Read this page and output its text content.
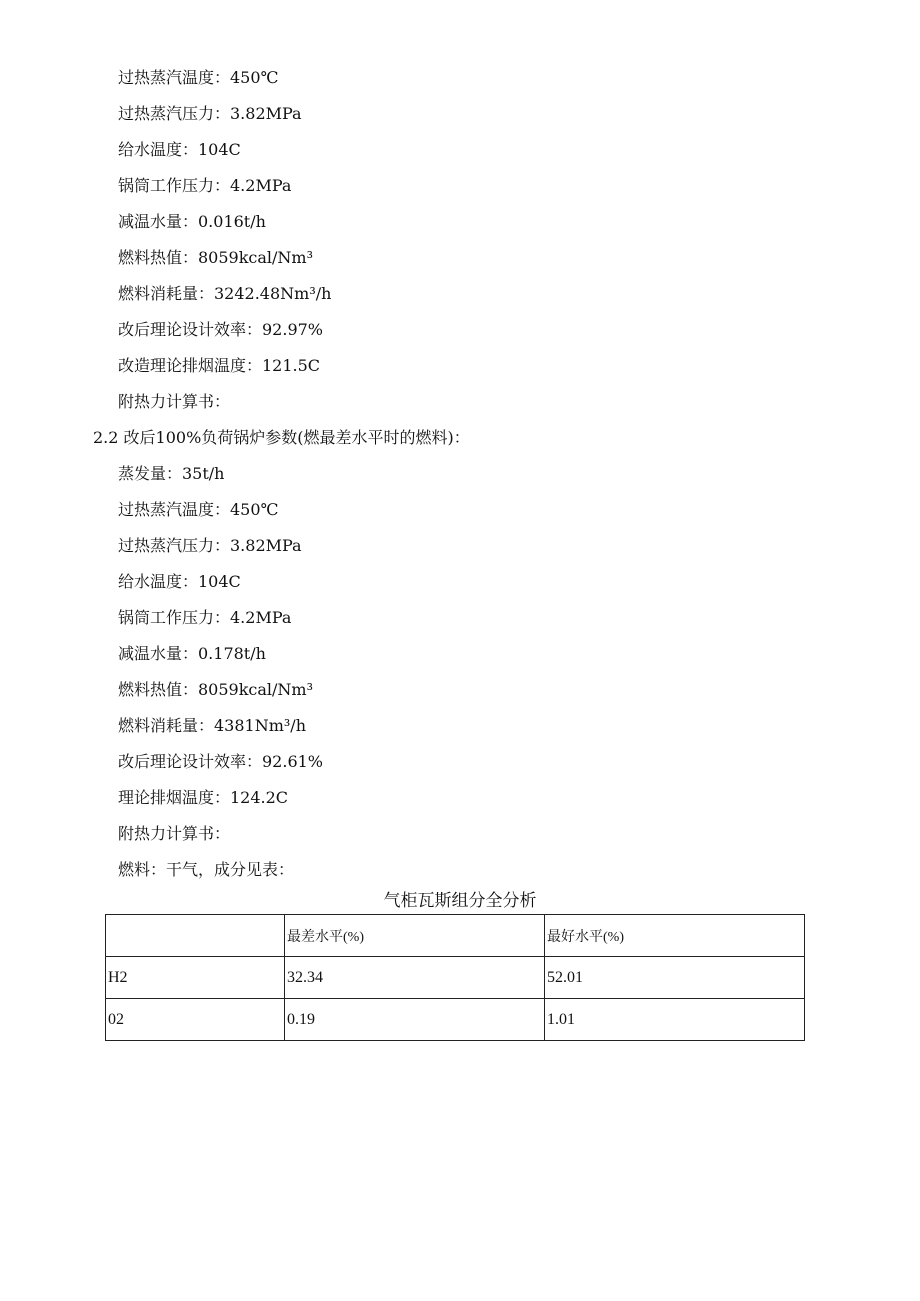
过热蒸汽温度：450℃
过热蒸汽压力：3.82MPa
给水温度：104C
锅筒工作压力：4.2MPa
减温水量：0.016t/h
燃料热值：8059kcal/Nm³
燃料消耗量：3242.48Nm³/h
改后理论设计效率：92.97%
改造理论排烟温度：121.5C
附热力计算书：
2.2 改后100%负荷锅炉参数(燃最差水平时的燃料)：
蒸发量：35t/h
过热蒸汽温度：450℃
过热蒸汽压力：3.82MPa
给水温度：104C
锅筒工作压力：4.2MPa
减温水量：0.178t/h
燃料热值：8059kcal/Nm³
燃料消耗量：4381Nm³/h
改后理论设计效率：92.61%
理论排烟温度：124.2C
附热力计算书：
燃料：干气，成分见表：
气柜瓦斯组分全分析
	最差水平(%)	最好水平(%)
H2	32.34	52.01
02	0.19	1.01
